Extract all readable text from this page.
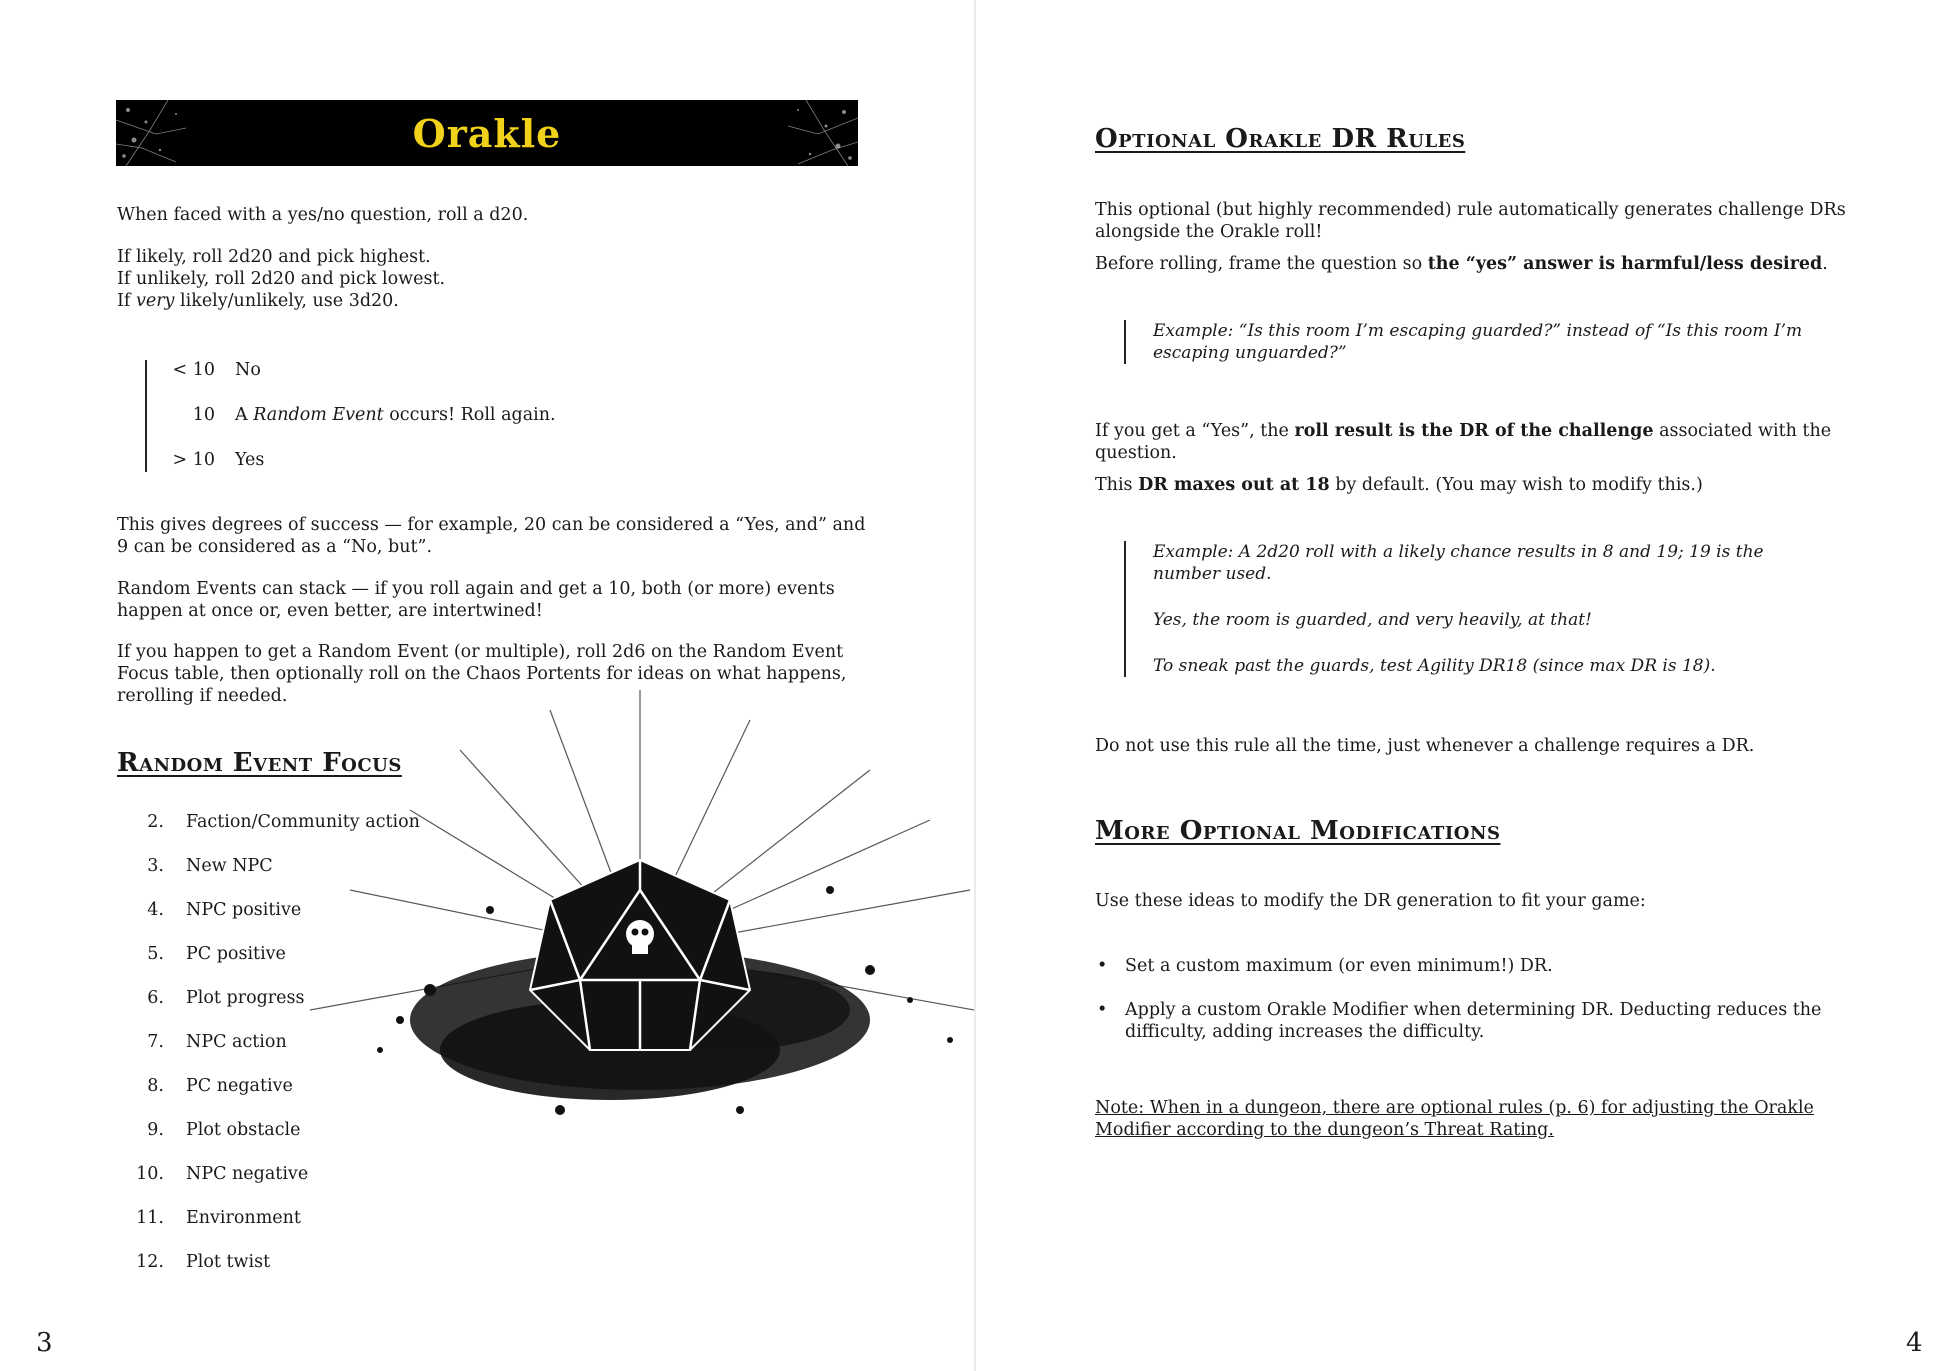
Orakle

When faced with a yes/no question, roll a d20.

If likely, roll 2d20 and pick highest.

If unlikely, roll 2d20 and pick lowest.

If very likely/unlikely, use 3d20.

< 10 No
10 A Random Event occurs! Roll again.
> 10 Yes

This gives degrees of success — for example, 20 can be considered a “Yes, and” and 9 can be considered as a “No, but”.

Random Events can stack — if you roll again and get a 10, both (or more) events happen at once or, even better, are intertwined!

If you happen to get a Random Event (or multiple), roll 2d6 on the Random Event Focus table, then optionally roll on the Chaos Portents for ideas on what happens, rerolling if needed.

Random Event Focus
2. Faction/Community action
3. New NPC
4. NPC positive
5. PC positive
6. Plot progress
7. NPC action
8. PC negative
9. Plot obstacle
10. NPC negative
11. Environment
12. Plot twist
3
Optional Orakle DR Rules

This optional (but highly recommended) rule automatically generates challenge DRs alongside the Orakle roll!

Before rolling, frame the question so the “yes” answer is harmful/less desired.

Example: “Is this room I’m escaping guarded?” instead of “Is this room I’m escaping unguarded?”

If you get a “Yes”, the roll result is the DR of the challenge associated with the question.

This DR maxes out at 18 by default. (You may wish to modify this.)

Example: A 2d20 roll with a likely chance results in 8 and 19; 19 is the number used.

Yes, the room is guarded, and very heavily, at that!

To sneak past the guards, test Agility DR18 (since max DR is 18).

Do not use this rule all the time, just whenever a challenge requires a DR.

More Optional Modifications

Use these ideas to modify the DR generation to fit your game:

• Set a custom maximum (or even minimum!) DR.
• Apply a custom Orakle Modifier when determining DR. Deducting reduces the difficulty, adding increases the difficulty.

Note: When in a dungeon, there are optional rules (p. 6) for adjusting the Orakle Modifier according to the dungeon’s Threat Rating.

4
